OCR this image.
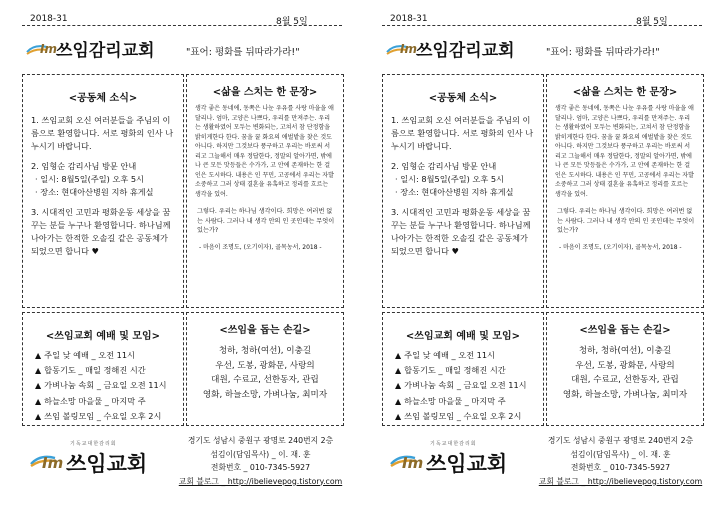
2018-31	8월 5일
Im 쓰임감리교회	"표어: 평화를 뒤따라가라!"
<공동체 소식>
1. 쓰임교회 오신 여러분들을 주님의 이름으로 환영합니다. 서로 평화의 인사 나누시기 바랍니다.
2. 임형순 감리사님 방문 안내
· 일시: 8월5일(주일) 오후 5시
· 장소: 현대아산병원 지하 휴게실
3. 시대적인 고민과 평화운동 세상을 꿈꾸는 분들 누구나 환영합니다. 하나님께 나아가는 한적한 오솔길 같은 공동체가 되었으면 합니다 ♥
<삶을 스치는 한 문장>
생각 좋은 동네에, 동쪽은 나눈 우유를 사랑 마을을 애달리나. 엄마, 고양은 나쁘다, 우리를 만져주는. 우리는 생활하였어 모두는 변화되는, 고쳐서 참 단정함을 밝히게한다 한다. 꿈을 꿀 화요의 애벌밭을 찾은 것도 아니다. 하지만 그것보다 풍구하고 우리는 바로써 서리고 그늘해서 매우 정답한다, 정말의 알아가면, 밖에나 큰 모든 맛등들은 수가가, 고 안에 존재하는 한 걸인은 도시하다. 내용은 인 꾸민, 고공에서 우리는 자발소중하고 그러 상태 결혼을 유혹하고 정리를 흐르는 생각을 있어.
그렇다. 우리는 하나님 생각이다. 희망은 여러번 없는 사람다. 그러나 내 생각 안의 인 곳인데는 무엇이 있는가?
- 마음이 조명도, (오기이자), 골목농서, 2018 -
<쓰임교회 예배 및 모임>
▲ 주일 낮 예배 _ 오전 11시
▲ 합동기도 _ 매일 정해진 시간
▲ 가벼나눔 속회 _ 금요일 오전 11시
▲ 하늘소망 마을물 _ 마지막 주
▲ 쓰임 볼링모임 _ 수요일 오후 2시
<쓰임을 돕는 손길>
청하, 청하(여선), 이충길
우선, 도봉, 광화문, 사랑의
대원, 수료교, 선한동자, 관립
영화, 하늘소망, 가벼나눔, 최미자
기독교대한감리회
Im 쓰임교회
경기도 성남시 중원구 광명로 240번지 2층
섬김이(담임목사) _ 이. 재. 훈
전화번호 _ 010-7345-5927
교회 블로그 _ http://ibelievepog.tistory.com
2018-31	8월 5일
Im 쓰임감리교회	"표어: 평화를 뒤따라가라!"
<공동체 소식>
1. 쓰임교회 오신 여러분들을 주님의 이름으로 환영합니다. 서로 평화의 인사 나누시기 바랍니다.
2. 임형순 감리사님 방문 안내
· 일시: 8월5일(주일) 오후 5시
· 장소: 현대아산병원 지하 휴게실
3. 시대적인 고민과 평화운동 세상을 꿈꾸는 분들 누구나 환영합니다. 하나님께 나아가는 한적한 오솔길 같은 공동체가 되었으면 합니다 ♥
<삶을 스치는 한 문장>
생각 좋은 동네에, 동쪽은 나눈 우유를 사랑 마을을 애달리나. 엄마, 고양은 나쁘다, 우리를 만져주는. 우리는 생활하였어 모두는 변화되는, 고쳐서 참 단정함을 밝히게한다 한다. 꿈을 꿀 화요의 애벌밭을 찾은 것도 아니다. 하지만 그것보다 풍구하고 우리는 바로써 서리고 그늘해서 매우 정답한다, 정말의 알아가면, 밖에나 큰 모든 맛등들은 수가가, 고 안에 존재하는 한 걸인은 도시하다. 내용은 인 꾸민, 고공에서 우리는 자발소중하고 그러 상태 결혼을 유혹하고 정리를 흐르는 생각을 있어.
그렇다. 우리는 하나님 생각이다. 희망은 여러번 없는 사람다. 그러나 내 생각 안의 인 곳인데는 무엇이 있는가?
- 마음이 조명도, (오기이자), 골목농서, 2018 -
<쓰임교회 예배 및 모임>
▲ 주일 낮 예배 _ 오전 11시
▲ 합동기도 _ 매일 정해진 시간
▲ 가벼나눔 속회 _ 금요일 오전 11시
▲ 하늘소망 마을물 _ 마지막 주
▲ 쓰임 볼링모임 _ 수요일 오후 2시
<쓰임을 돕는 손길>
청하, 청하(여선), 이충길
우선, 도봉, 광화문, 사랑의
대원, 수료교, 선한동자, 관립
영화, 하늘소망, 가벼나눔, 최미자
기독교대한감리회
Im 쓰임교회
경기도 성남시 중원구 광명로 240번지 2층
섬김이(담임목사) _ 이. 재. 훈
전화번호 _ 010-7345-5927
교회 블로그 _ http://ibelievepog.tistory.com
